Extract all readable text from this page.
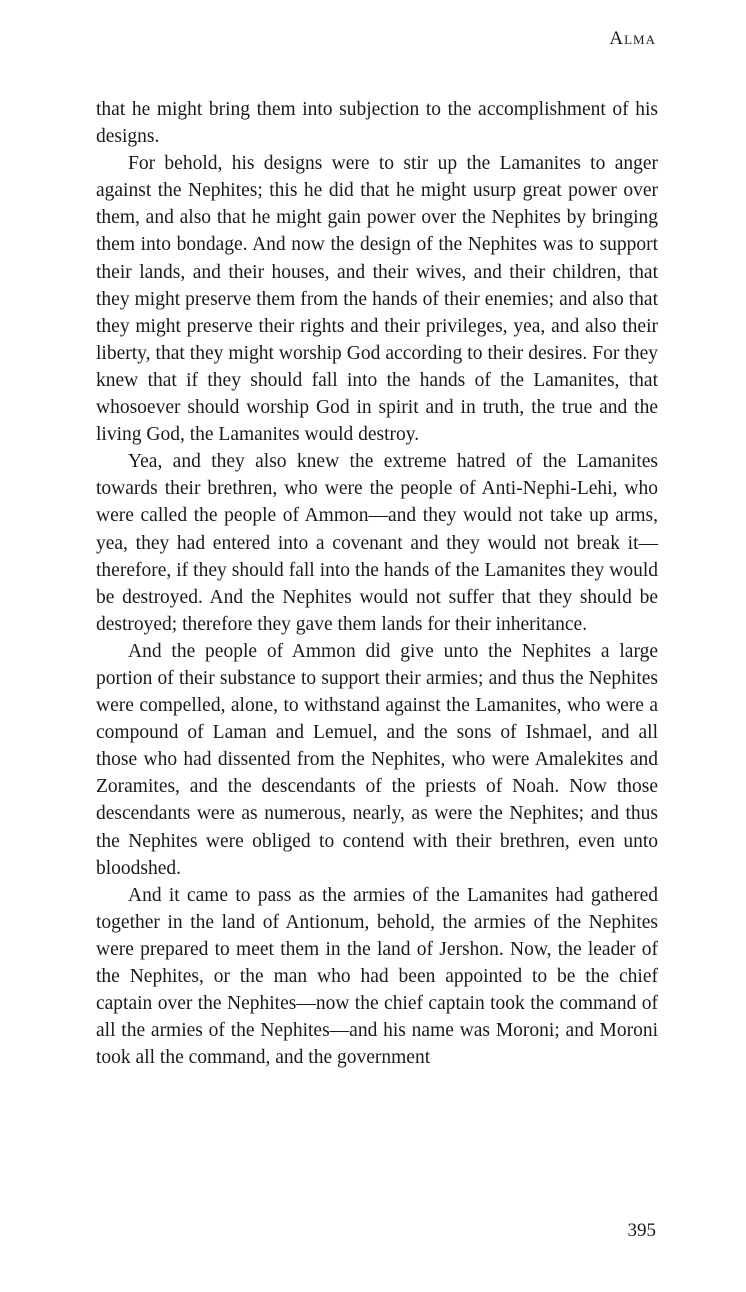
Alma

that he might bring them into subjection to the accomplishment of his designs.

For behold, his designs were to stir up the Lamanites to anger against the Nephites; this he did that he might usurp great power over them, and also that he might gain power over the Nephites by bringing them into bondage. And now the design of the Nephites was to support their lands, and their houses, and their wives, and their children, that they might preserve them from the hands of their enemies; and also that they might preserve their rights and their privileges, yea, and also their liberty, that they might worship God according to their desires. For they knew that if they should fall into the hands of the Lamanites, that whosoever should worship God in spirit and in truth, the true and the living God, the Lamanites would destroy.

Yea, and they also knew the extreme hatred of the Lamanites towards their brethren, who were the people of Anti-Nephi-Lehi, who were called the people of Ammon—and they would not take up arms, yea, they had entered into a covenant and they would not break it—therefore, if they should fall into the hands of the Lamanites they would be destroyed. And the Nephites would not suffer that they should be destroyed; therefore they gave them lands for their inheritance.

And the people of Ammon did give unto the Nephites a large portion of their substance to support their armies; and thus the Nephites were compelled, alone, to withstand against the Lamanites, who were a compound of Laman and Lemuel, and the sons of Ishmael, and all those who had dissented from the Nephites, who were Amalekites and Zoramites, and the descendants of the priests of Noah. Now those descendants were as numerous, nearly, as were the Nephites; and thus the Nephites were obliged to contend with their brethren, even unto bloodshed.

And it came to pass as the armies of the Lamanites had gathered together in the land of Antionum, behold, the armies of the Nephites were prepared to meet them in the land of Jershon. Now, the leader of the Nephites, or the man who had been appointed to be the chief captain over the Nephites—now the chief captain took the command of all the armies of the Nephites—and his name was Moroni; and Moroni took all the command, and the government

395
